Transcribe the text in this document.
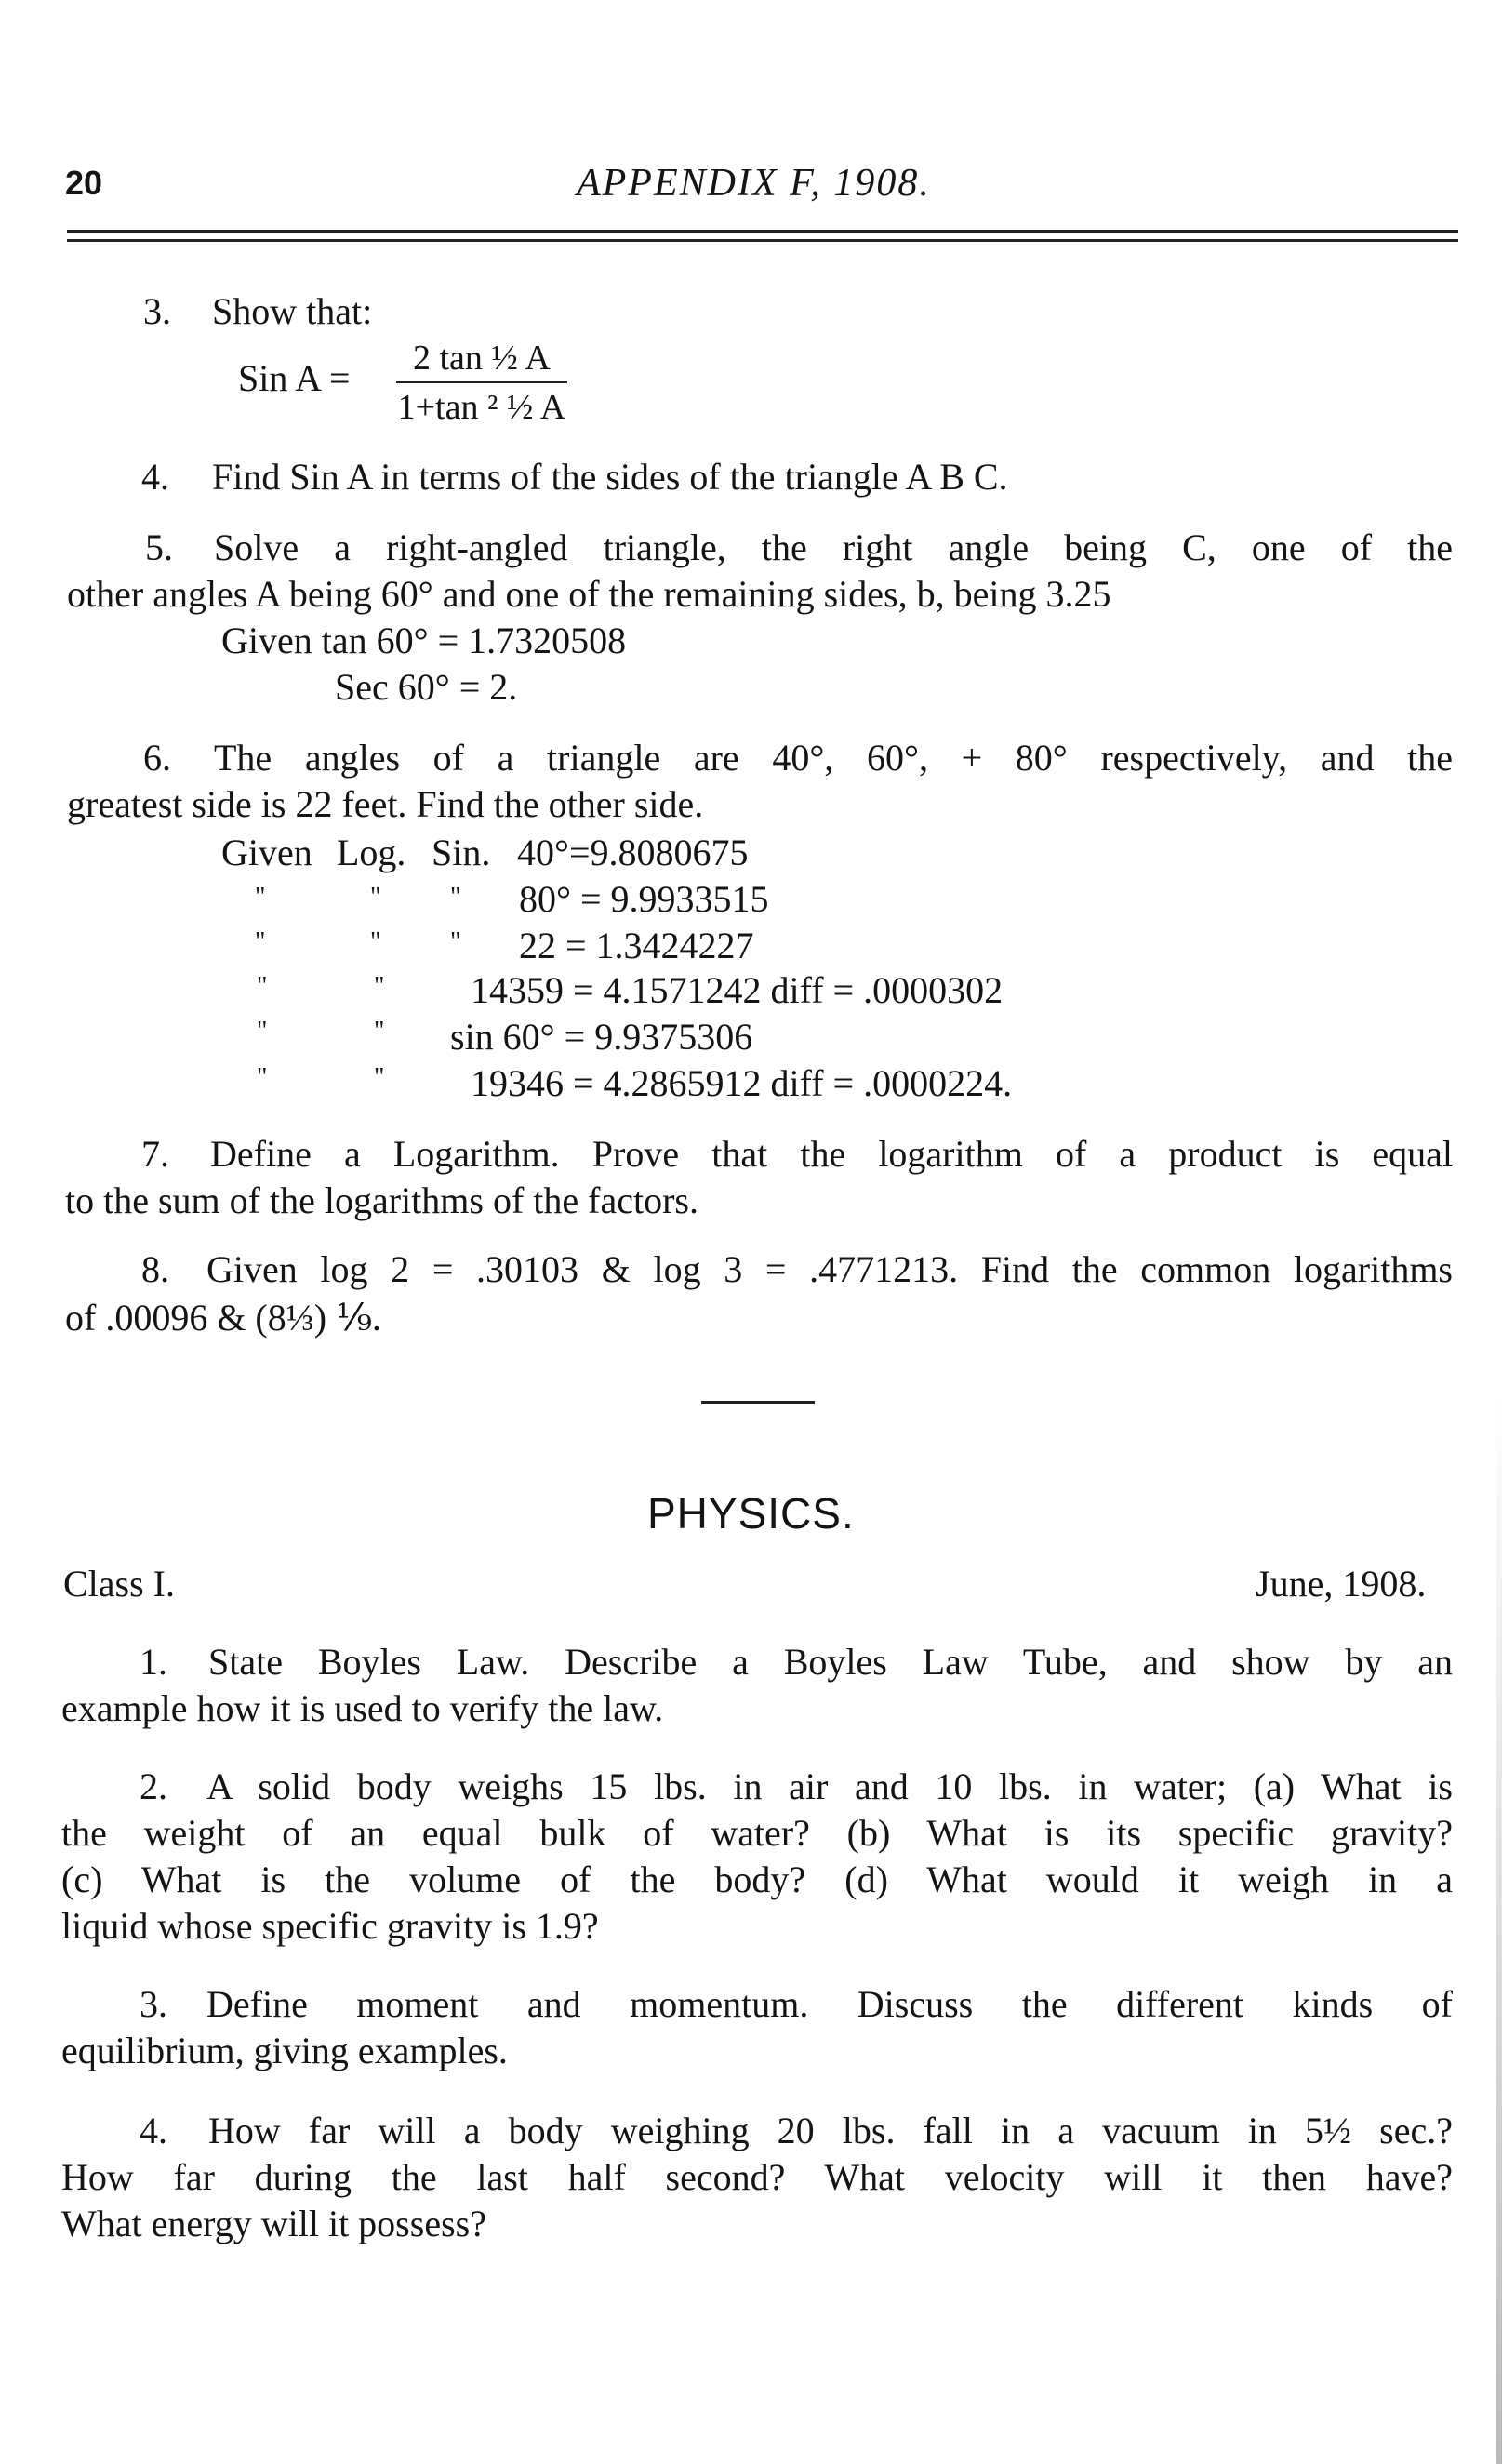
20	APPENDIX F, 1908.
3. Show that:
Sin $A = \frac{\text{2 tan ½ A}}{\text{1+tan ² ½ A}}$
4. Find Sin A in terms of the sides of the triangle A B C.
5. Solve a right-angled triangle, the right angle being C, one of the
other angles A being 60° and one of the remaining sides, b, being 3.25
Given tan 60° = 1.7320508
Sec 60° = 2.
6. The angles of a triangle are 40°, 60°, + 80° respectively, and the
greatest side is 22 feet. Find the other side.
Given Log. Sin. 40°=9.8080675
"	"	" 80° = 9.9933515
"	"	" 22 = 1.3424227
"	" 14359 = 4.1571242 diff = .0000302
"	" sin 60° = 9.9375306
"	" 19346 = 4.2865912 diff = .0000224.
7. Define a Logarithm. Prove that the logarithm of a product is equal
to the sum of the logarithms of the factors.
8. Given log 2 = .30103 & log 3 = .4771213. Find the common logarithms
of .00096 & (8⅓) ⅑.
PHYSICS.
Class I.	June, 1908.
1. State Boyles Law. Describe a Boyles Law Tube, and show by an
example how it is used to verify the law.
2. A solid body weighs 15 lbs. in air and 10 lbs. in water; (a) What is
the weight of an equal bulk of water? (b) What is its specific gravity?
(c) What is the volume of the body? (d) What would it weigh in a
liquid whose specific gravity is 1.9?
3. Define moment and momentum. Discuss the different kinds of
equilibrium, giving examples.
4. How far will a body weighing 20 lbs. fall in a vacuum in 5½ sec.?
How far during the last half second? What velocity will it then have?
What energy will it possess?
